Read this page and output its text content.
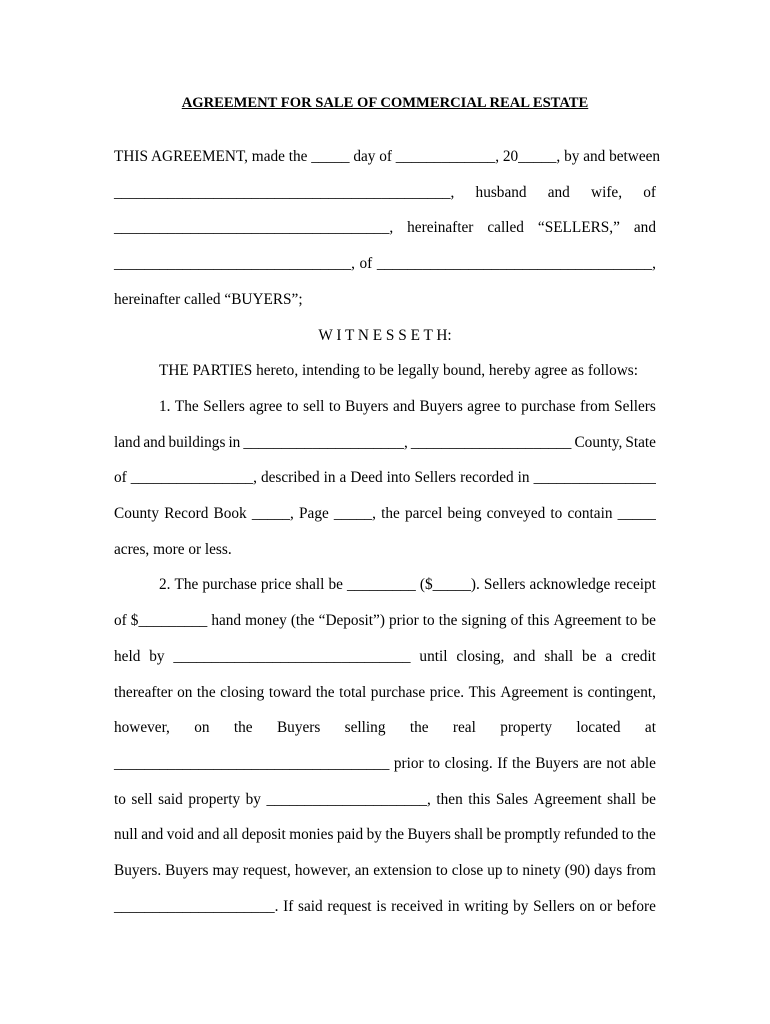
AGREEMENT FOR SALE OF COMMERCIAL REAL ESTATE
THIS AGREEMENT, made the _____ day of _____________, 20_____, by and between
____________________________________________, husband and wife, of
____________________________________, hereinafter called “SELLERS,” and
_______________________________, of ____________________________________,
hereinafter called “BUYERS”;
W I T N E S S E T H:
THE PARTIES hereto, intending to be legally bound, hereby agree as follows:
1. The Sellers agree to sell to Buyers and Buyers agree to purchase from Sellers
land and buildings in _____________________, _____________________ County, State
of ________________, described in a Deed into Sellers recorded in ________________
County Record Book _____, Page _____, the parcel being conveyed to contain _____
acres, more or less.
2. The purchase price shall be _________ ($_____). Sellers acknowledge receipt
of $_________ hand money (the “Deposit”) prior to the signing of this Agreement to be
held by _______________________________ until closing, and shall be a credit
thereafter on the closing toward the total purchase price. This Agreement is contingent,
however, on the Buyers selling the real property located at
____________________________________ prior to closing. If the Buyers are not able
to sell said property by _____________________, then this Sales Agreement shall be
null and void and all deposit monies paid by the Buyers shall be promptly refunded to the
Buyers. Buyers may request, however, an extension to close up to ninety (90) days from
_____________________. If said request is received in writing by Sellers on or before
